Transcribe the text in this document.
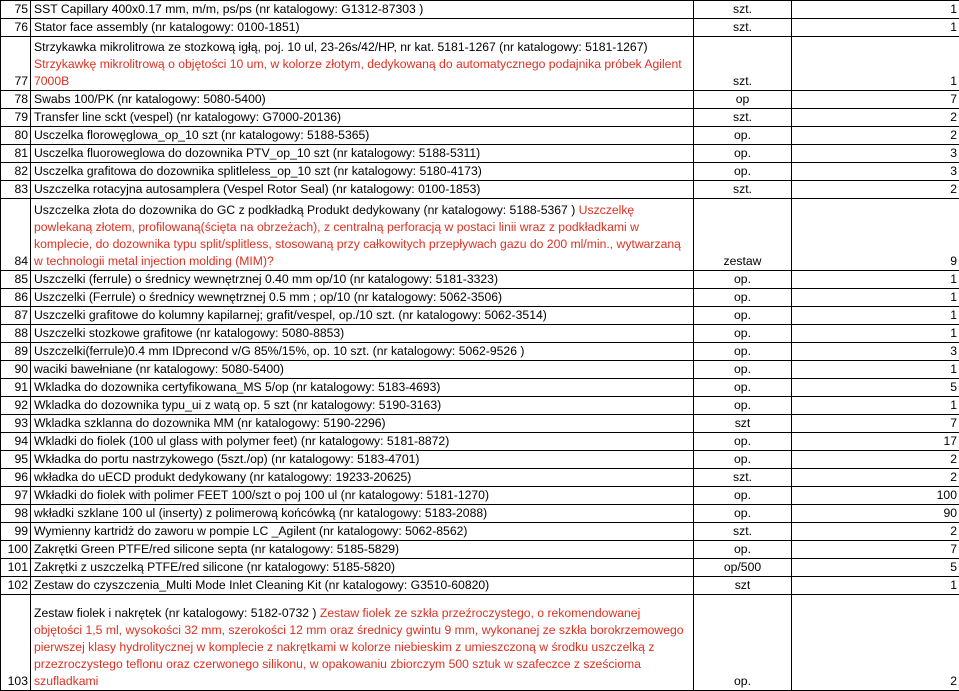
75	SST Capillary 400x0.17 mm, m/m, ps/ps (nr katalogowy: G1312-87303 )	szt.	1
76	Stator face assembly (nr katalogowy: 0100-1851)	szt.	1
77	Strzykawka mikrolitrowa ze stozkową igłą, poj. 10 ul, 23-26s/42/HP, nr kat. 5181-1267 (nr katalogowy: 5181-1267)
Strzykawkę mikrolitrową o objętości 10 um, w kolorze złotym, dedykowaną do automatycznego podajnika próbek Agilent 7000B	szt.	1
78	Swabs 100/PK (nr katalogowy: 5080-5400)	op	7
79	Transfer line sckt (vespel) (nr katalogowy: G7000-20136)	szt.	2
80	Usczelka florowęglowa_op_10 szt (nr katalogowy: 5188-5365)	op.	2
81	Usczelka fluoroweglowa do dozownika PTV_op_10 szt (nr katalogowy: 5188-5311)	op.	3
82	Usczelka grafitowa do dozownika splitleless_op_10 szt (nr katalogowy: 5180-4173)	op.	3
83	Uszczelka rotacyjna autosamplera (Vespel Rotor Seal) (nr katalogowy: 0100-1853)	szt.	2
84	Uszczelka złota do dozownika do GC z podkładką Produkt dedykowany (nr katalogowy: 5188-5367 ) Uszczelkę powlekaną złotem, profilowaną(ścięta na obrzeżach), z centralną perforacją w postaci linii wraz z podkładkami w komplecie, do dozownika typu split/splitless, stosowaną przy całkowitych przepływach gazu do 200 ml/min., wytwarzaną w technologii metal injection molding (MIM)?	zestaw	9
85	Uszczelki (ferrule) o średnicy wewnętrznej 0.40 mm op/10 (nr katalogowy: 5181-3323)	op.	1
86	Uszczelki (Ferrule) o średnicy wewnętrznej 0.5 mm ; op/10 (nr katalogowy: 5062-3506)	op.	1
87	Uszczelki grafitowe do kolumny kapilarnej; grafit/vespel, op./10 szt. (nr katalogowy: 5062-3514)	op.	1
88	Uszczelki stozkowe grafitowe (nr katalogowy: 5080-8853)	op.	1
89	Uszczelki(ferrule)0.4 mm IDprecond v/G 85%/15%, op. 10 szt. (nr katalogowy: 5062-9526 )	op.	3
90	waciki bawełniane (nr katalogowy: 5080-5400)	op.	1
91	Wkladka do dozownika certyfikowana_MS 5/op (nr katalogowy: 5183-4693)	op.	5
92	Wkladka do dozownika typu_ui z watą op. 5 szt (nr katalogowy: 5190-3163)	op.	1
93	Wkladka szklanna do dozownika MM (nr katalogowy: 5190-2296)	szt	7
94	Wkladki do fiolek (100 ul glass with polymer feet) (nr katalogowy: 5181-8872)	op.	17
95	Wkładka do portu nastrzykowego (5szt./op) (nr katalogowy: 5183-4701)	op.	2
96	wkładka do uECD produkt dedykowany (nr katalogowy: 19233-20625)	szt.	2
97	Wkładki do fiolek with polimer FEET 100/szt o poj 100 ul (nr katalogowy: 5181-1270)	op.	100
98	wkładki szklane 100 ul (inserty) z polimerową końcówką (nr katalogowy: 5183-2088)	op.	90
99	Wymienny kartridż do zaworu w pompie LC _Agilent (nr katalogowy: 5062-8562)	szt.	2
100	Zakrętki Green PTFE/red silicone septa (nr katalogowy: 5185-5829)	op.	7
101	Zakrętki z uszczelką PTFE/red silicone (nr katalogowy: 5185-5820)	op/500	5
102	Zestaw do czyszczenia_Multi Mode Inlet Cleaning Kit (nr katalogowy: G3510-60820)	szt	1
103	Zestaw fiolek i nakrętek (nr katalogowy: 5182-0732 ) Zestaw fiolek ze szkła przeźroczystego, o rekomendowanej objętości 1,5 ml, wysokości 32 mm, szerokości 12 mm oraz średnicy gwintu 9 mm, wykonanej ze szkła borokrzemowego pierwszej klasy hydrolitycznej w komplecie z nakrętkami w kolorze niebieskim z umieszczoną w środku uszczelką z przezroczystego teflonu oraz czerwonego silikonu, w opakowaniu zbiorczym 500 sztuk w szafeczce z sześcioma szufladkami	op.	2
